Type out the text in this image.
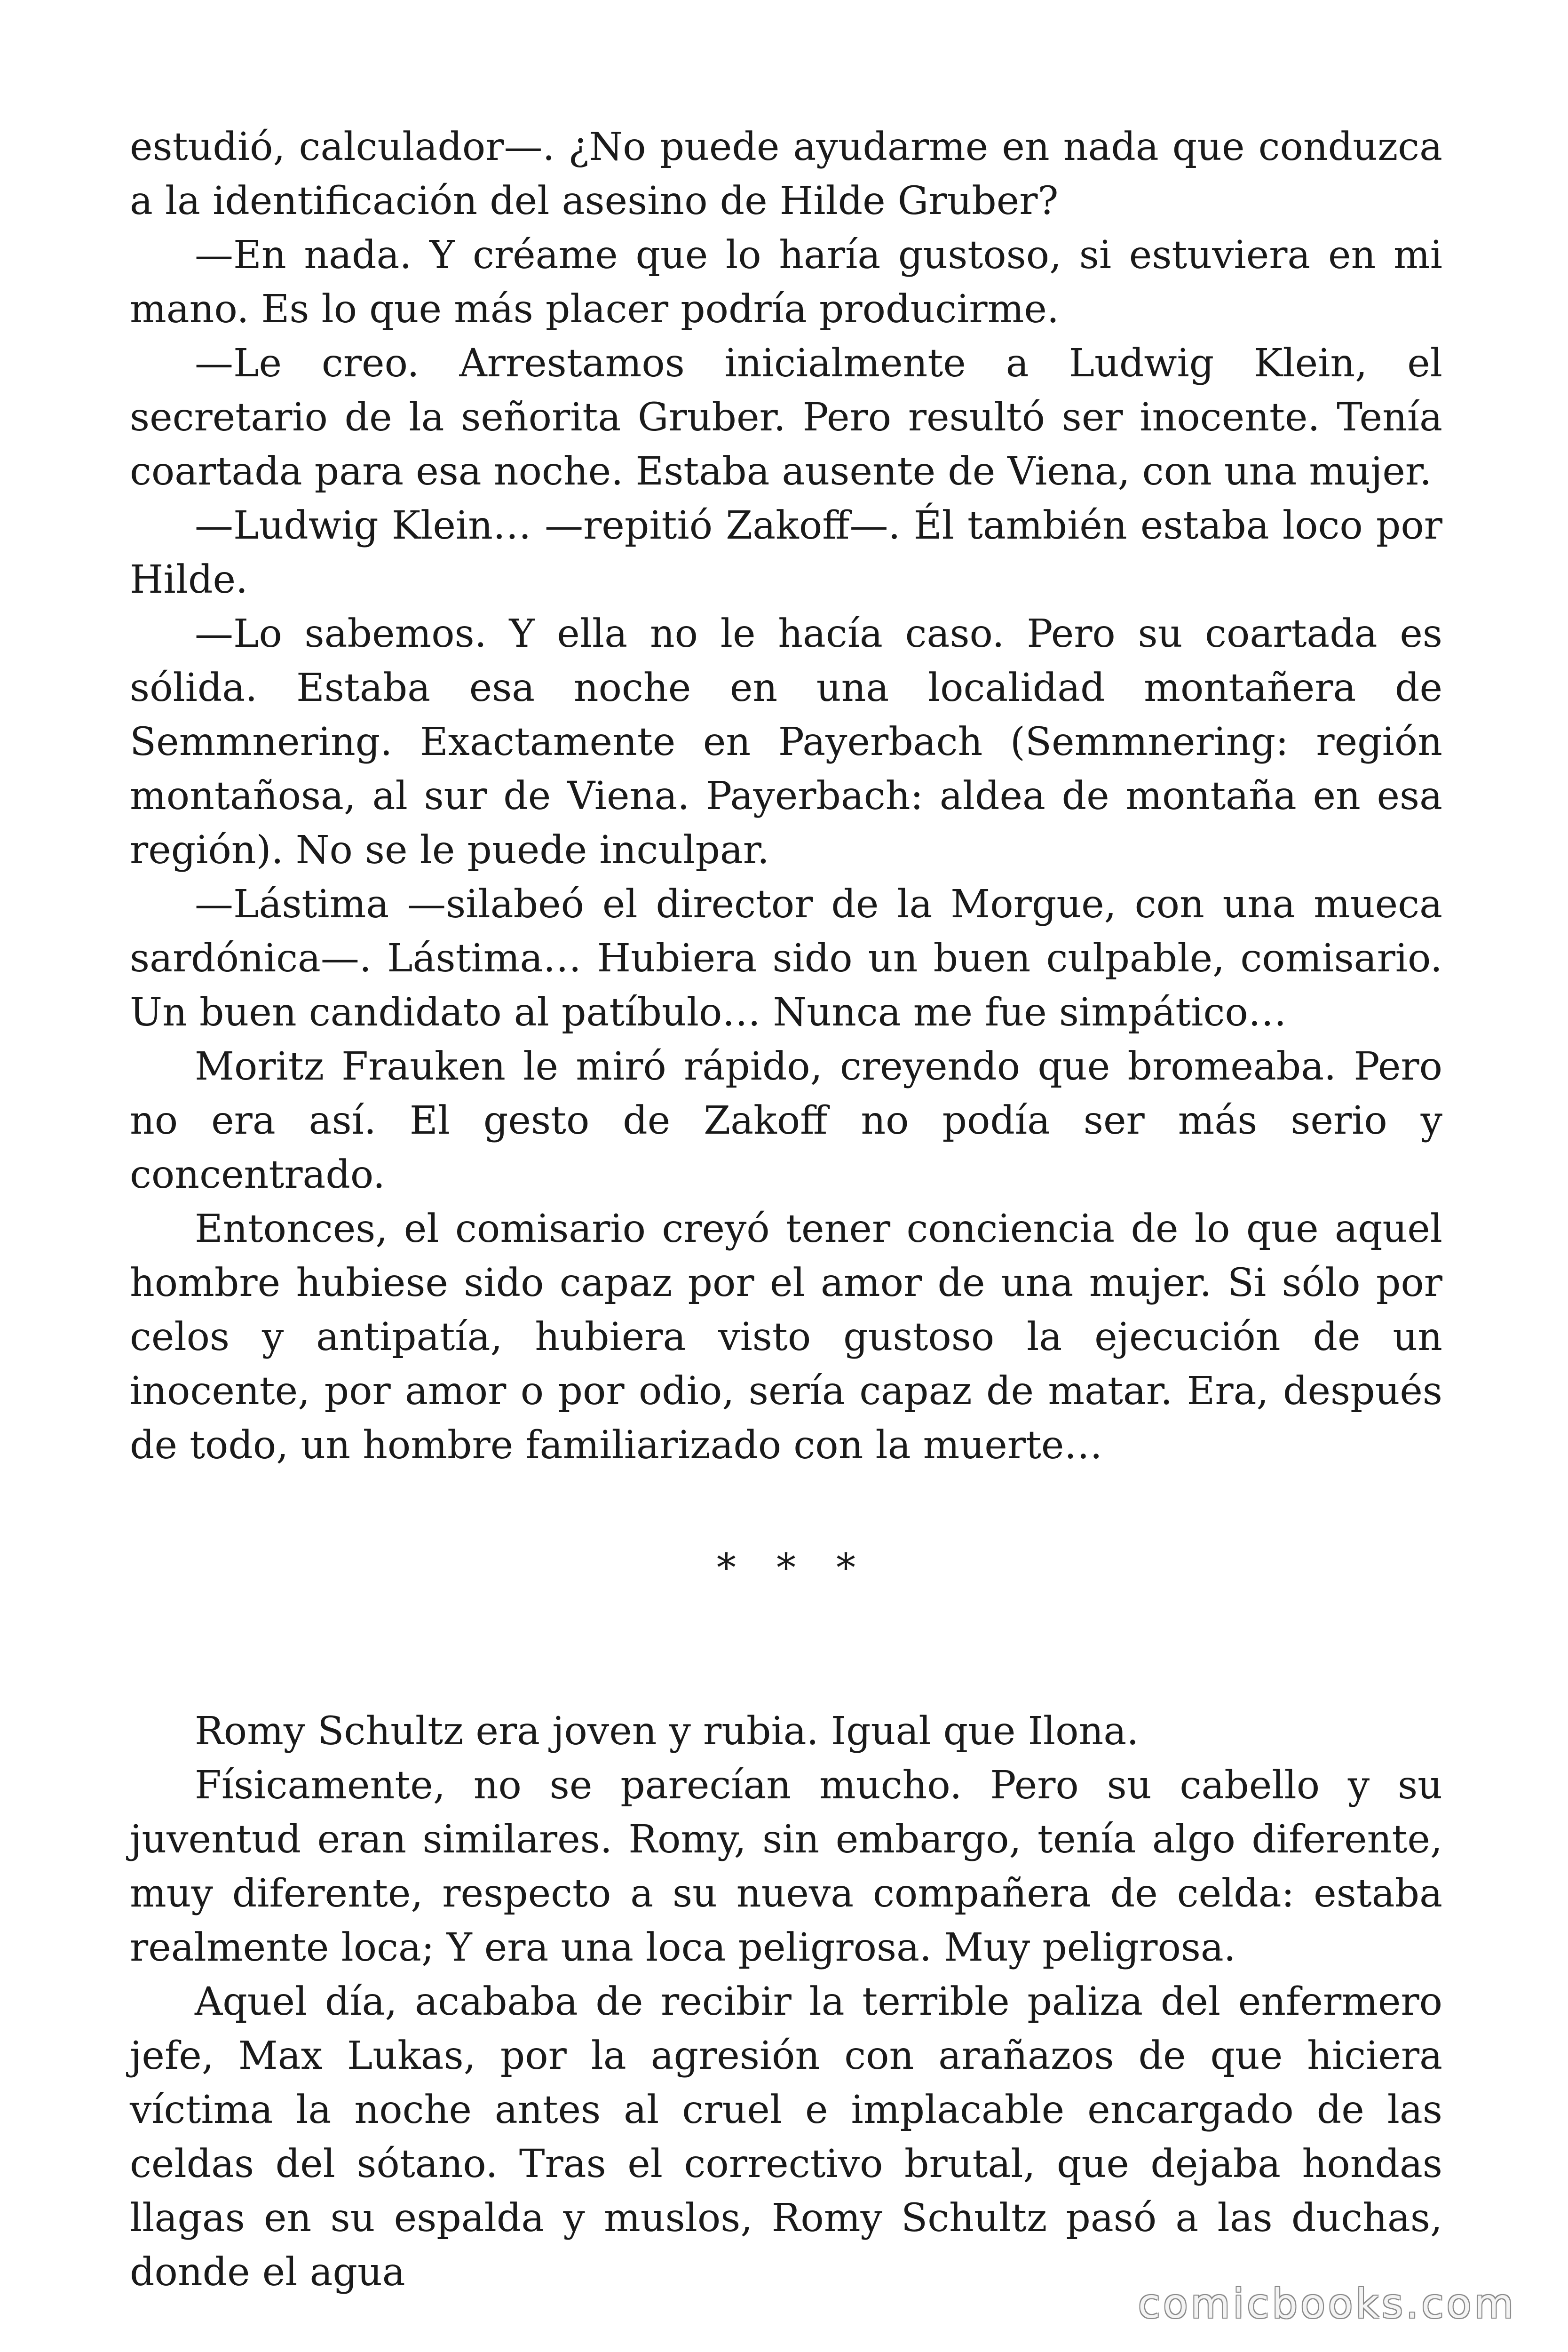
estudió, calculador—. ¿No puede ayudarme en nada que conduzca a la identificación del asesino de Hilde Gruber?

—En nada. Y créame que lo haría gustoso, si estuviera en mi mano. Es lo que más placer podría producirme.

—Le creo. Arrestamos inicialmente a Ludwig Klein, el secretario de la señorita Gruber. Pero resultó ser inocente. Tenía coartada para esa noche. Estaba ausente de Viena, con una mujer.

—Ludwig Klein… —repitió Zakoff—. Él también estaba loco por Hilde.

—Lo sabemos. Y ella no le hacía caso. Pero su coartada es sólida. Estaba esa noche en una localidad montañera de Semmnering. Exactamente en Payerbach (Semmnering: región montañosa, al sur de Viena. Payerbach: aldea de montaña en esa región). No se le puede inculpar.

—Lástima —silabeó el director de la Morgue, con una mueca sardónica—. Lástima… Hubiera sido un buen culpable, comisario. Un buen candidato al patíbulo… Nunca me fue simpático…

Moritz Frauken le miró rápido, creyendo que bromeaba. Pero no era así. El gesto de Zakoff no podía ser más serio y concentrado.

Entonces, el comisario creyó tener conciencia de lo que aquel hombre hubiese sido capaz por el amor de una mujer. Si sólo por celos y antipatía, hubiera visto gustoso la ejecución de un inocente, por amor o por odio, sería capaz de matar. Era, después de todo, un hombre familiarizado con la muerte…

* * *

Romy Schultz era joven y rubia. Igual que Ilona.

Físicamente, no se parecían mucho. Pero su cabello y su juventud eran similares. Romy, sin embargo, tenía algo diferente, muy diferente, respecto a su nueva compañera de celda: estaba realmente loca; Y era una loca peligrosa. Muy peligrosa.

Aquel día, acababa de recibir la terrible paliza del enfermero jefe, Max Lukas, por la agresión con arañazos de que hiciera víctima la noche antes al cruel e implacable encargado de las celdas del sótano. Tras el correctivo brutal, que dejaba hondas llagas en su espalda y muslos, Romy Schultz pasó a las duchas, donde el agua

comicbooks.com
